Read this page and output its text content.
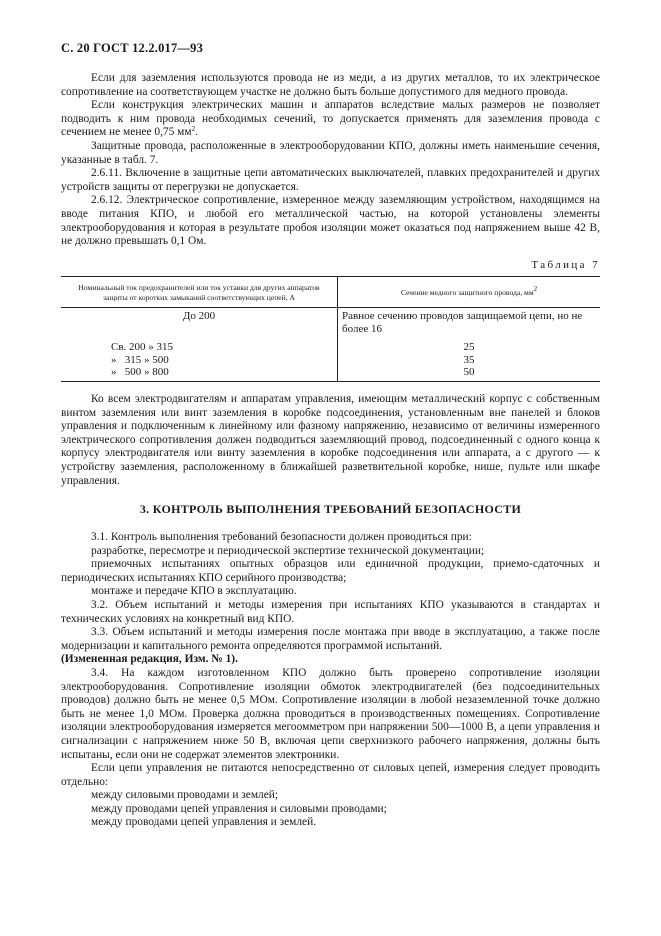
С. 20 ГОСТ 12.2.017—93

Если для заземления используются провода не из меди, а из других металлов, то их электрическое сопротивление на соответствующем участке не должно быть больше допустимого для медного провода.

Если конструкция электрических машин и аппаратов вследствие малых размеров не позволяет подводить к ним провода необходимых сечений, то допускается применять для заземления провода с сечением не менее 0,75 $мм^2$.

Защитные провода, расположенные в электрооборудовании КПО, должны иметь наименьшие сечения, указанные в табл. 7.

2.6.11. Включение в защитные цепи автоматических выключателей, плавких предохранителей и других устройств защиты от перегрузки не допускается.

2.6.12. Электрическое сопротивление, измеренное между заземляющим устройством, находящимся на вводе питания КПО, и любой его металлической частью, на которой установлены элементы электрооборудования и которая в результате пробоя изоляции может оказаться под напряжением выше 42 В, не должно превышать 0,1 Ом.

Таблица 7
Номинальный ток предохранителей или ток уставки для других аппаратов защиты от коротких замыканий соответствующих цепей, А	Сечение медного защитного провода, $мм^2$
До 200	Равное сечению проводов защищаемой цепи, но не более 16
Св. 200 » 315	25
»   315 » 500	35
»   500 » 800	50

Ко всем электродвигателям и аппаратам управления, имеющим металлический корпус с собственным винтом заземления или винт заземления в коробке подсоединения, установленным вне панелей и блоков управления и подключенным к линейному или фазному напряжению, независимо от величины измеренного электрического сопротивления должен подводиться заземляющий провод, подсоединенный с одного конца к корпусу электродвигателя или винту заземления в коробке подсоединения или аппарата, а с другого — к устройству заземления, расположенному в ближайшей разветвительной коробке, нише, пульте или шкафе управления.

3. КОНТРОЛЬ ВЫПОЛНЕНИЯ ТРЕБОВАНИЙ БЕЗОПАСНОСТИ

3.1. Контроль выполнения требований безопасности должен проводиться при:

разработке, пересмотре и периодической экспертизе технической документации;

приемочных испытаниях опытных образцов или единичной продукции, приемо-сдаточных и периодических испытаниях КПО серийного производства;

монтаже и передаче КПО в эксплуатацию.

3.2. Объем испытаний и методы измерения при испытаниях КПО указываются в стандартах и технических условиях на конкретный вид КПО.

3.3. Объем испытаний и методы измерения после монтажа при вводе в эксплуатацию, а также после модернизации и капитального ремонта определяются программой испытаний.

(Измененная редакция, Изм. № 1).

3.4. На каждом изготовленном КПО должно быть проверено сопротивление изоляции электрооборудования. Сопротивление изоляции обмоток электродвигателей (без подсоединительных проводов) должно быть не менее 0,5 МОм. Сопротивление изоляции в любой незаземленной точке должно быть не менее 1,0 МОм. Проверка должна проводиться в производственных помещениях. Сопротивление изоляции электрооборудования измеряется мегоомметром при напряжении 500—1000 В, а цепи управления и сигнализации с напряжением ниже 50 В, включая цепи сверхнизкого рабочего напряжения, должны быть испытаны, если они не содержат элементов электроники.

Если цепи управления не питаются непосредственно от силовых цепей, измерения следует проводить отдельно:

между силовыми проводами и землей;

между проводами цепей управления и силовыми проводами;

между проводами цепей управления и землей.
